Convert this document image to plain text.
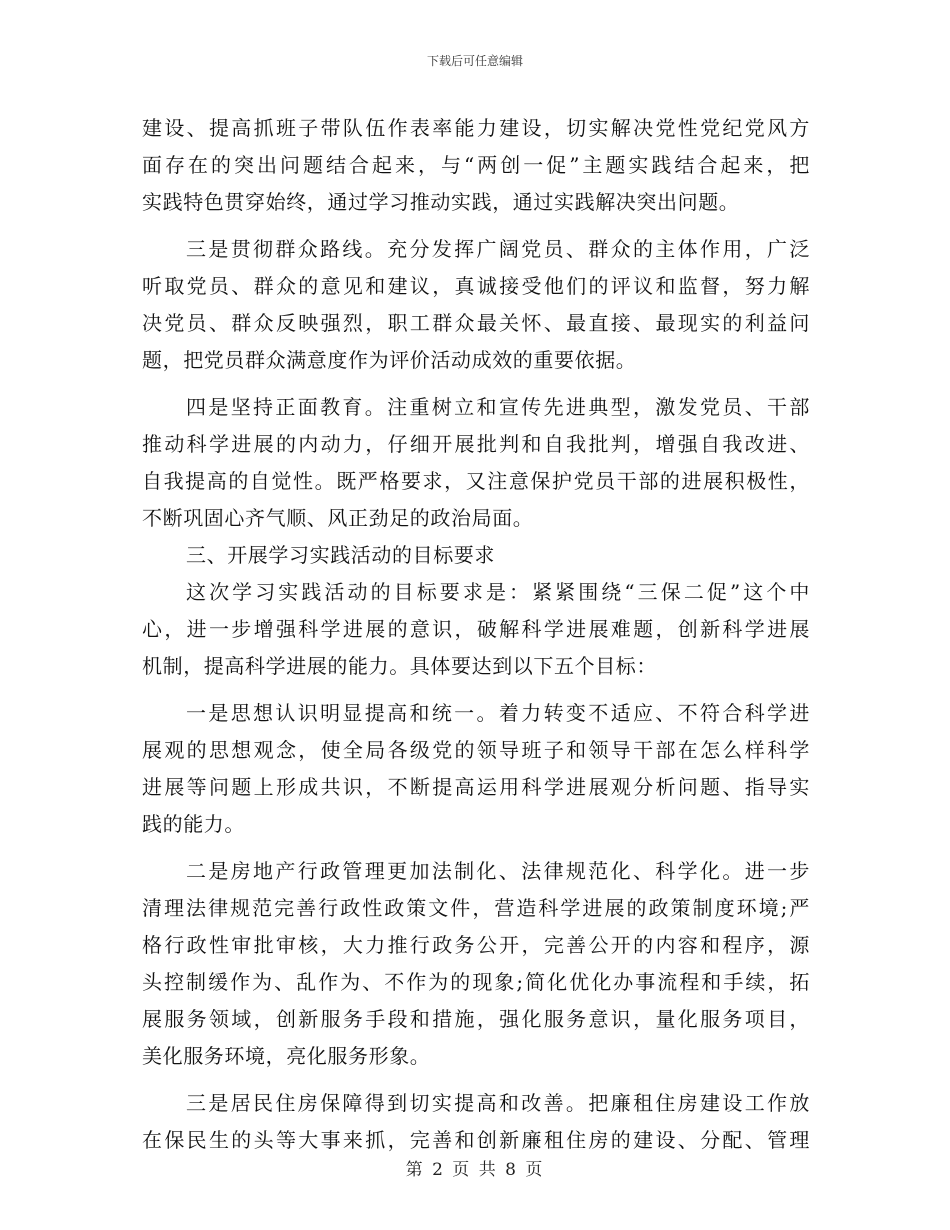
下载后可任意编辑

建设、提高抓班子带队伍作表率能力建设，切实解决党性党纪党风方

面存在的突出问题结合起来，与“两创一促”主题实践结合起来，把

实践特色贯穿始终，通过学习推动实践，通过实践解决突出问题。

三是贯彻群众路线。充分发挥广阔党员、群众的主体作用，广泛

听取党员、群众的意见和建议，真诚接受他们的评议和监督，努力解

决党员、群众反映强烈，职工群众最关怀、最直接、最现实的利益问

题，把党员群众满意度作为评价活动成效的重要依据。

四是坚持正面教育。注重树立和宣传先进典型，激发党员、干部

推动科学进展的内动力，仔细开展批判和自我批判，增强自我改进、

自我提高的自觉性。既严格要求，又注意保护党员干部的进展积极性，

不断巩固心齐气顺、风正劲足的政治局面。

三、开展学习实践活动的目标要求

这次学习实践活动的目标要求是：紧紧围绕“三保二促”这个中

心，进一步增强科学进展的意识，破解科学进展难题，创新科学进展

机制，提高科学进展的能力。具体要达到以下五个目标：

一是思想认识明显提高和统一。着力转变不适应、不符合科学进

展观的思想观念，使全局各级党的领导班子和领导干部在怎么样科学

进展等问题上形成共识，不断提高运用科学进展观分析问题、指导实

践的能力。

二是房地产行政管理更加法制化、法律规范化、科学化。进一步

清理法律规范完善行政性政策文件，营造科学进展的政策制度环境;严

格行政性审批审核，大力推行政务公开，完善公开的内容和程序，源

头控制缓作为、乱作为、不作为的现象;简化优化办事流程和手续，拓

展服务领域，创新服务手段和措施，强化服务意识，量化服务项目，

美化服务环境，亮化服务形象。

三是居民住房保障得到切实提高和改善。把廉租住房建设工作放

在保民生的头等大事来抓，完善和创新廉租住房的建设、分配、管理

第 2 页 共 8 页
